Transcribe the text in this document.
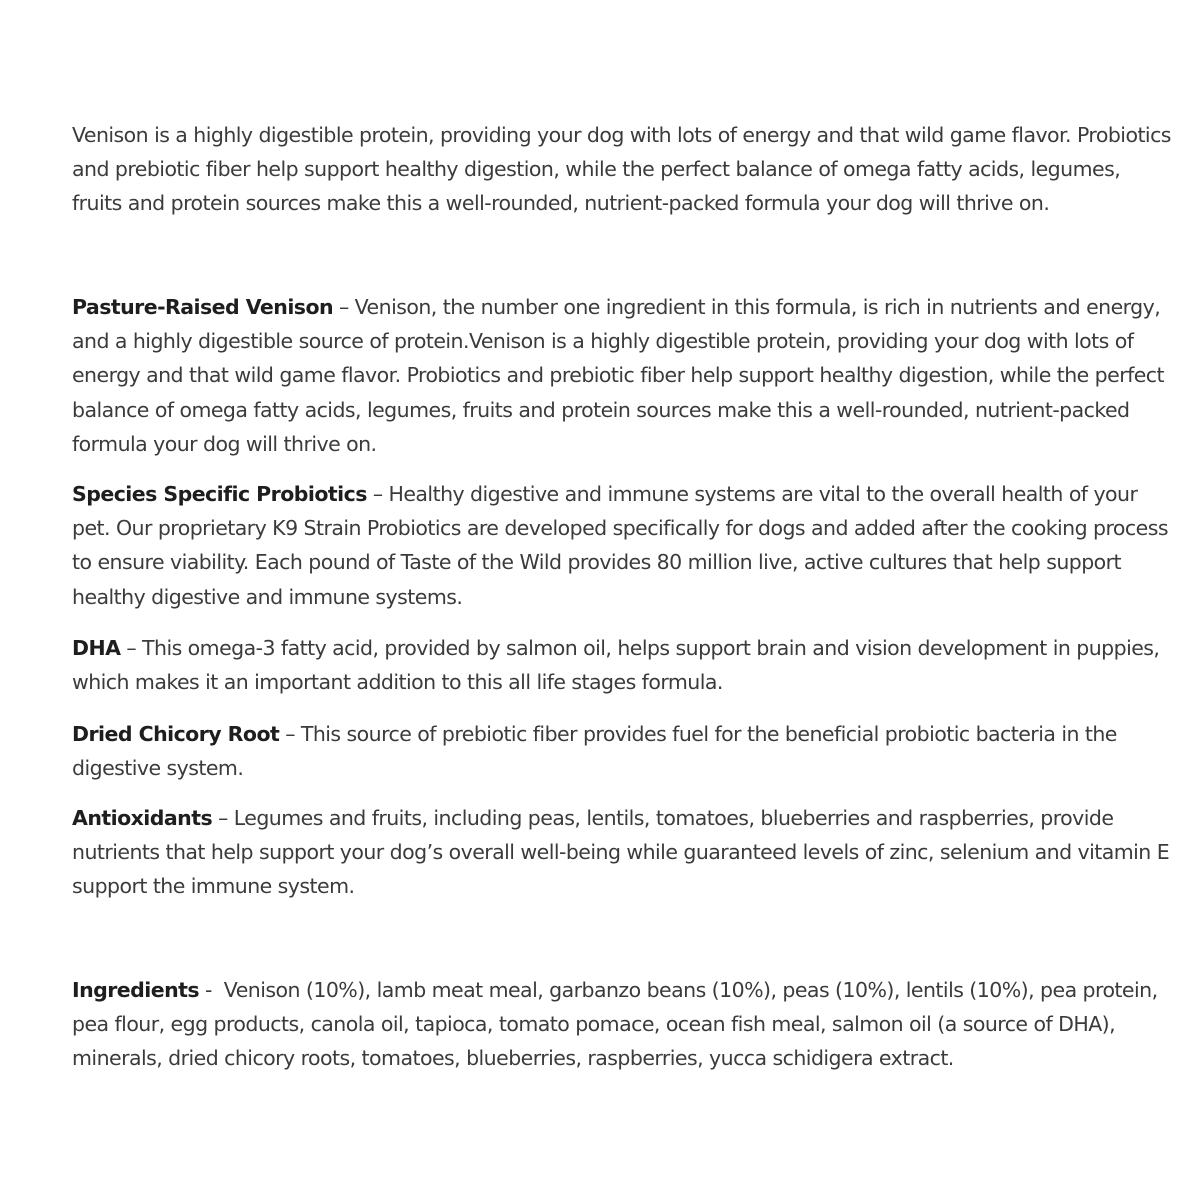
Venison is a highly digestible protein, providing your dog with lots of energy and that wild game flavor. Probiotics and prebiotic fiber help support healthy digestion, while the perfect balance of omega fatty acids, legumes, fruits and protein sources make this a well-rounded, nutrient-packed formula your dog will thrive on.

Pasture-Raised Venison – Venison, the number one ingredient in this formula, is rich in nutrients and energy, and a highly digestible source of protein.Venison is a highly digestible protein, providing your dog with lots of energy and that wild game flavor. Probiotics and prebiotic fiber help support healthy digestion, while the perfect balance of omega fatty acids, legumes, fruits and protein sources make this a well-rounded, nutrient-packed formula your dog will thrive on.

Species Specific Probiotics – Healthy digestive and immune systems are vital to the overall health of your pet. Our proprietary K9 Strain Probiotics are developed specifically for dogs and added after the cooking process to ensure viability. Each pound of Taste of the Wild provides 80 million live, active cultures that help support healthy digestive and immune systems.

DHA – This omega-3 fatty acid, provided by salmon oil, helps support brain and vision development in puppies, which makes it an important addition to this all life stages formula.

Dried Chicory Root – This source of prebiotic fiber provides fuel for the beneficial probiotic bacteria in the digestive system.

Antioxidants – Legumes and fruits, including peas, lentils, tomatoes, blueberries and raspberries, provide nutrients that help support your dog’s overall well-being while guaranteed levels of zinc, selenium and vitamin E support the immune system.

Ingredients -  Venison (10%), lamb meat meal, garbanzo beans (10%), peas (10%), lentils (10%), pea protein, pea flour, egg products, canola oil, tapioca, tomato pomace, ocean fish meal, salmon oil (a source of DHA), minerals, dried chicory roots, tomatoes, blueberries, raspberries, yucca schidigera extract.
